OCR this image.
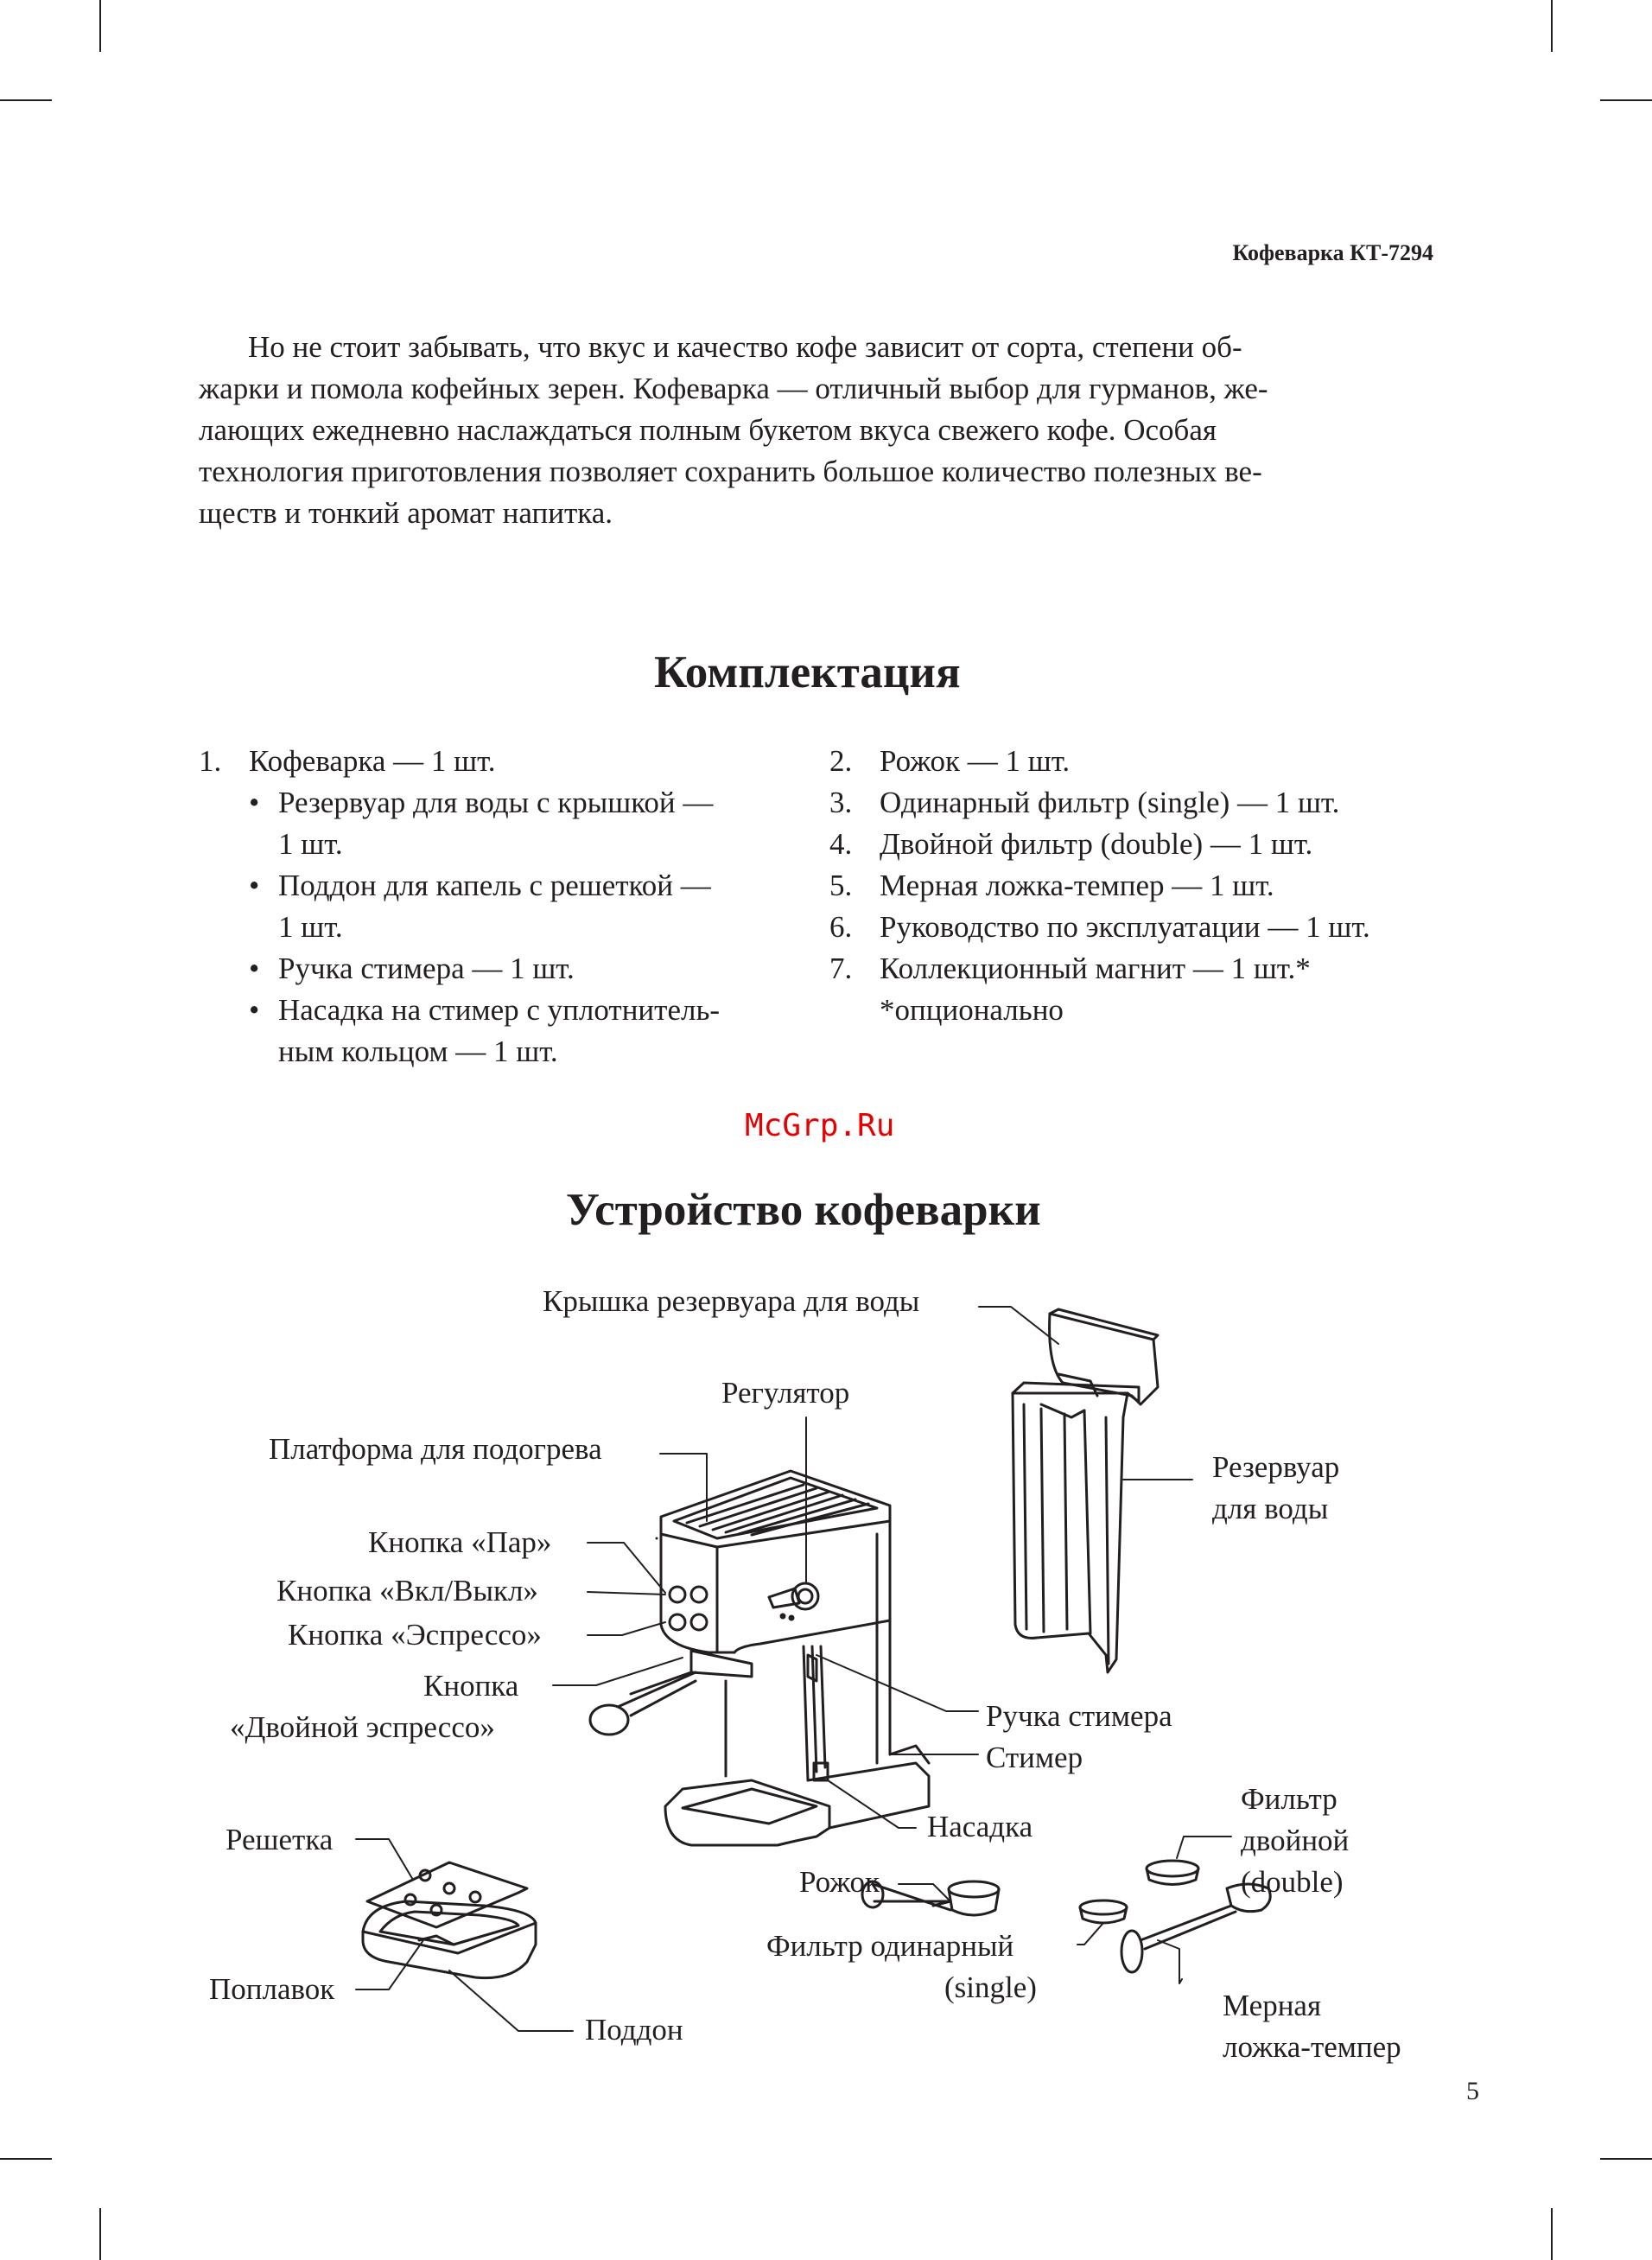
Кофеварка КТ-7294

Но не стоит забывать, что вкус и качество кофе зависит от сорта, степени об-
жарки и помола кофейных зерен. Кофеварка — отличный выбор для гурманов, же-
лающих ежедневно наслаждаться полным букетом вкуса свежего кофе. Особая
технология приготовления позволяет сохранить большое количество полезных ве-
ществ и тонкий аромат напитка.

Комплектация
1. Кофеварка — 1 шт.
• Резервуар для воды с крышкой —
1 шт.
• Поддон для капель с решеткой —
1 шт.
• Ручка стимера — 1 шт.
• Насадка на стимер с уплотнитель-
ным кольцом — 1 шт.
2. Рожок — 1 шт.
3. Одинарный фильтр (single) — 1 шт.
4. Двойной фильтр (double) — 1 шт.
5. Мерная ложка-темпер — 1 шт.
6. Руководство по эксплуатации — 1 шт.
7. Коллекционный магнит — 1 шт.*
*опционально
McGrp.Ru
Устройство кофеварки
Крышка резервуара для воды
Регулятор
Платформа для подогрева
Кнопка «Пар»
Кнопка «Вкл/Выкл»
Кнопка «Эспрессо»
Кнопка
«Двойной эспрессо»
Резервуар
для воды
Ручка стимера
Стимер
Насадка
Решетка
Рожок
Фильтр
двойной
(double)
Фильтр одинарный
(single)
Поплавок
Поддон
Мерная
ложка-темпер
5
